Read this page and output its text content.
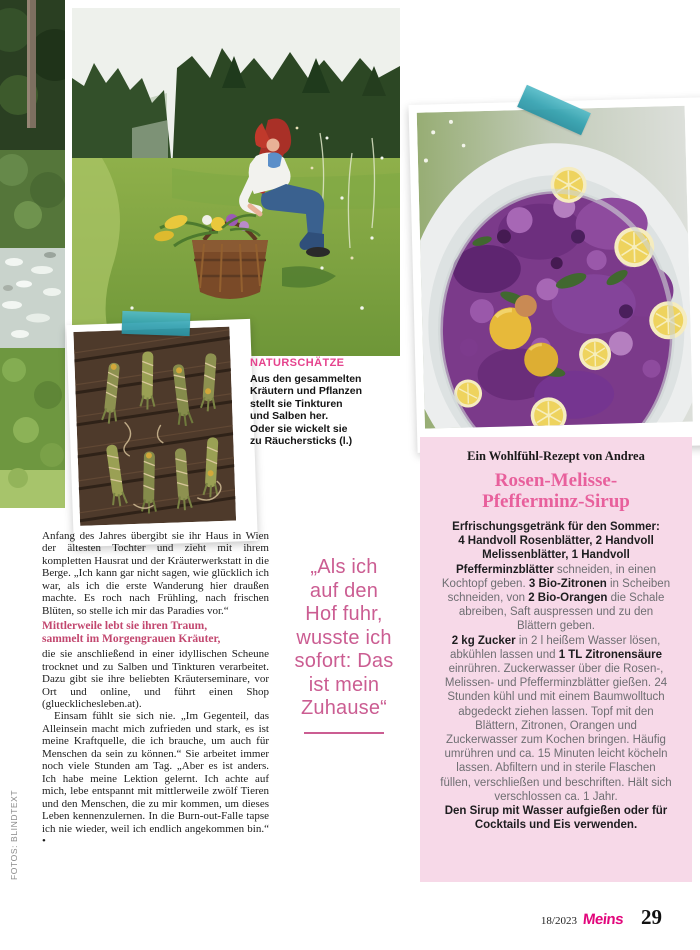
NATURSCHÄTZE
Aus den gesammelten
Kräutern und Pflanzen
stellt sie Tinkturen
und Salben her.
Oder sie wickelt sie
zu Räuchersticks (l.)

Anfang des Jahres übergibt sie ihr Haus in Wien der ältesten Tochter und zieht mit ihrem kompletten Hausrat und der Kräuterwerkstatt in die Berge. „Ich kann gar nicht sagen, wie glücklich ich war, als ich die erste Wanderung hier draußen machte. Es roch nach Frühling, nach frischen Blüten, so stelle ich mir das Paradies vor.“

Mittlerweile lebt sie ihren Traum,
sammelt im Morgengrauen Kräuter,

die sie anschließend in einer idyllischen Scheune trocknet und zu Salben und Tinkturen verarbeitet. Dazu gibt sie ihre beliebten Kräuterseminare, vor Ort und online, und führt einen Shop (gluecklichesleben.at).

Einsam fühlt sie sich nie. „Im Gegenteil, das Alleinsein macht mich zufrieden und stark, es ist meine Kraftquelle, die ich brauche, um auch für Menschen da sein zu können.“ Sie arbeitet immer noch viele Stunden am Tag. „Aber es ist anders. Ich habe meine Lektion gelernt. Ich achte auf mich, lebe entspannt mit mittlerweile zwölf Tieren und den Menschen, die zu mir kommen, um dieses Leben kennenzulernen. In die Burn-out-Falle tapse ich nie wieder, weil ich endlich angekommen bin.“ •

„Als ich
auf den
Hof fuhr,
wusste ich
sofort: Das
ist mein
Zuhause“
Ein Wohlfühl-Rezept von Andrea
Rosen-Melisse-
Pfefferminz-Sirup
Erfrischungsgetränk für den Sommer:
4 Handvoll Rosenblätter, 2 Handvoll Melissenblätter, 1 Handvoll Pfefferminzblätter schneiden, in einen Kochtopf geben. 3 Bio-Zitronen in Scheiben schneiden, von 2 Bio-Orangen die Schale abreiben, Saft auspressen und zu den Blättern geben.
2 kg Zucker in 2 l heißem Wasser lösen, abkühlen lassen und 1 TL Zitronensäure einrühren. Zuckerwasser über die Rosen-, Melissen- und Pfefferminzblätter gießen. 24 Stunden kühl und mit einem Baumwolltuch abgedeckt ziehen lassen. Topf mit den Blättern, Zitronen, Orangen und Zuckerwasser zum Kochen bringen. Häufig umrühren und ca. 15 Minuten leicht köcheln lassen. Abfiltern und in sterile Flaschen füllen, verschließen und beschriften. Hält sich verschlossen ca. 1 Jahr.
Den Sirup mit Wasser aufgießen oder für Cocktails und Eis verwenden.
18/2023 Meins 29
FOTOS: BLINDTEXT
